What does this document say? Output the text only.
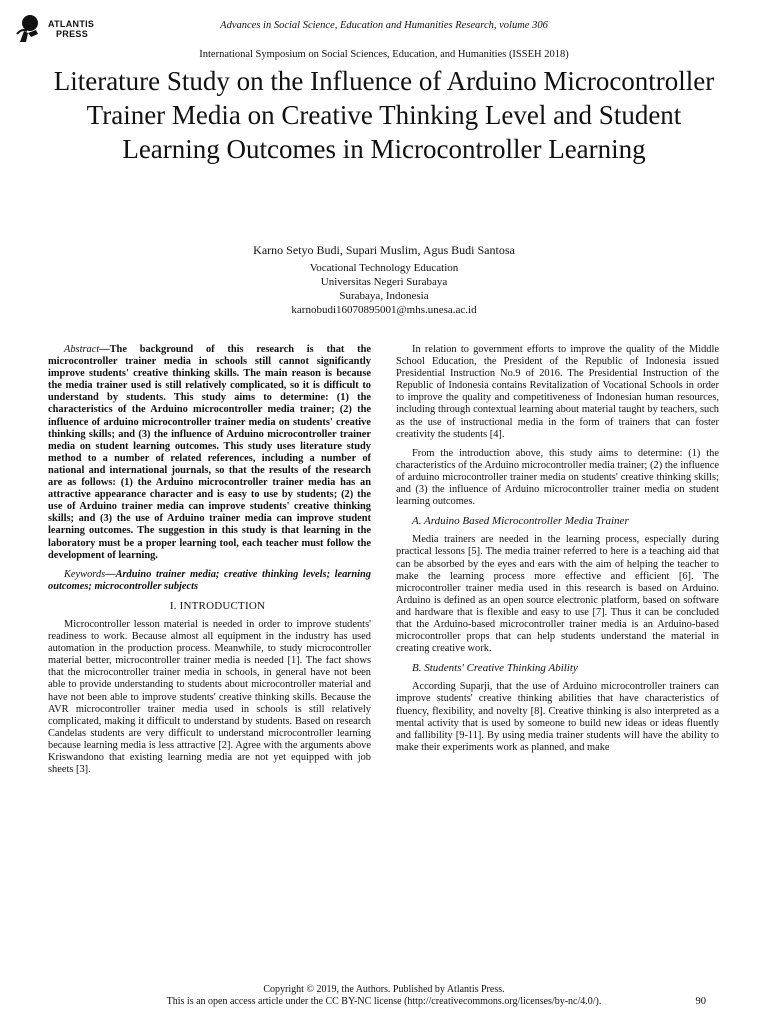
ATLANTIS
PRESS
Advances in Social Science, Education and Humanities Research, volume 306
International Symposium on Social Sciences, Education, and Humanities (ISSEH 2018)
Literature Study on the Influence of Arduino Microcontroller Trainer Media on Creative Thinking Level and Student Learning Outcomes in Microcontroller Learning
Karno Setyo Budi, Supari Muslim, Agus Budi Santosa
Vocational Technology Education
Universitas Negeri Surabaya
Surabaya, Indonesia
karnobudi16070895001@mhs.unesa.ac.id

Abstract—The background of this research is that the microcontroller trainer media in schools still cannot significantly improve students' creative thinking skills. The main reason is because the media trainer used is still relatively complicated, so it is difficult to understand by students. This study aims to determine: (1) the characteristics of the Arduino microcontroller media trainer; (2) the influence of arduino microcontroller trainer media on students' creative thinking skills; and (3) the influence of Arduino microcontroller trainer media on student learning outcomes. This study uses literature study method to a number of related references, including a number of national and international journals, so that the results of the research are as follows: (1) the Arduino microcontroller trainer media has an attractive appearance character and is easy to use by students; (2) the use of Arduino trainer media can improve students' creative thinking skills; and (3) the use of Arduino trainer media can improve student learning outcomes. The suggestion in this study is that learning in the laboratory must be a proper learning tool, each teacher must follow the development of learning.

Keywords—Arduino trainer media; creative thinking levels; learning outcomes; microcontroller subjects

I. INTRODUCTION

Microcontroller lesson material is needed in order to improve students' readiness to work. Because almost all equipment in the industry has used automation in the production process. Meanwhile, to study microcontroller material better, microcontroller trainer media is needed [1]. The fact shows that the microcontroller trainer media in schools, in general have not been able to provide understanding to students about microcontroller material and have not been able to improve students' creative thinking skills. Because the AVR microcontroller trainer media used in schools is still relatively complicated, making it difficult to understand by students. Based on research Candelas students are very difficult to understand microcontroller learning because learning media is less attractive [2]. Agree with the arguments above Kriswandono that existing learning media are not yet equipped with job sheets [3].

In relation to government efforts to improve the quality of the Middle School Education, the President of the Republic of Indonesia issued Presidential Instruction No.9 of 2016. The Presidential Instruction of the Republic of Indonesia contains Revitalization of Vocational Schools in order to improve the quality and competitiveness of Indonesian human resources, including through contextual learning about material taught by teachers, such as the use of instructional media in the form of trainers that can foster creativity the students [4].

From the introduction above, this study aims to determine: (1) the characteristics of the Arduino microcontroller media trainer; (2) the influence of arduino microcontroller trainer media on students' creative thinking skills; and (3) the influence of Arduino microcontroller trainer media on student learning outcomes.

A. Arduino Based Microcontroller Media Trainer

Media trainers are needed in the learning process, especially during practical lessons [5]. The media trainer referred to here is a teaching aid that can be absorbed by the eyes and ears with the aim of helping the teacher to make the learning process more effective and efficient [6]. The microcontroller trainer media used in this research is based on Arduino. Arduino is defined as an open source electronic platform, based on software and hardware that is flexible and easy to use [7]. Thus it can be concluded that the Arduino-based microcontroller trainer media is an Arduino-based microcontroller props that can help students understand the material in creating creative work.

B. Students' Creative Thinking Ability

According Suparji, that the use of Arduino microcontroller trainers can improve students' creative thinking abilities that have characteristics of fluency, flexibility, and novelty [8]. Creative thinking is also interpreted as a mental activity that is used by someone to build new ideas or ideas fluently and fallibility [9-11]. By using media trainer students will have the ability to make their experiments work as planned, and make

Copyright © 2019, the Authors. Published by Atlantis Press.
This is an open access article under the CC BY-NC license (http://creativecommons.org/licenses/by-nc/4.0/).	90
